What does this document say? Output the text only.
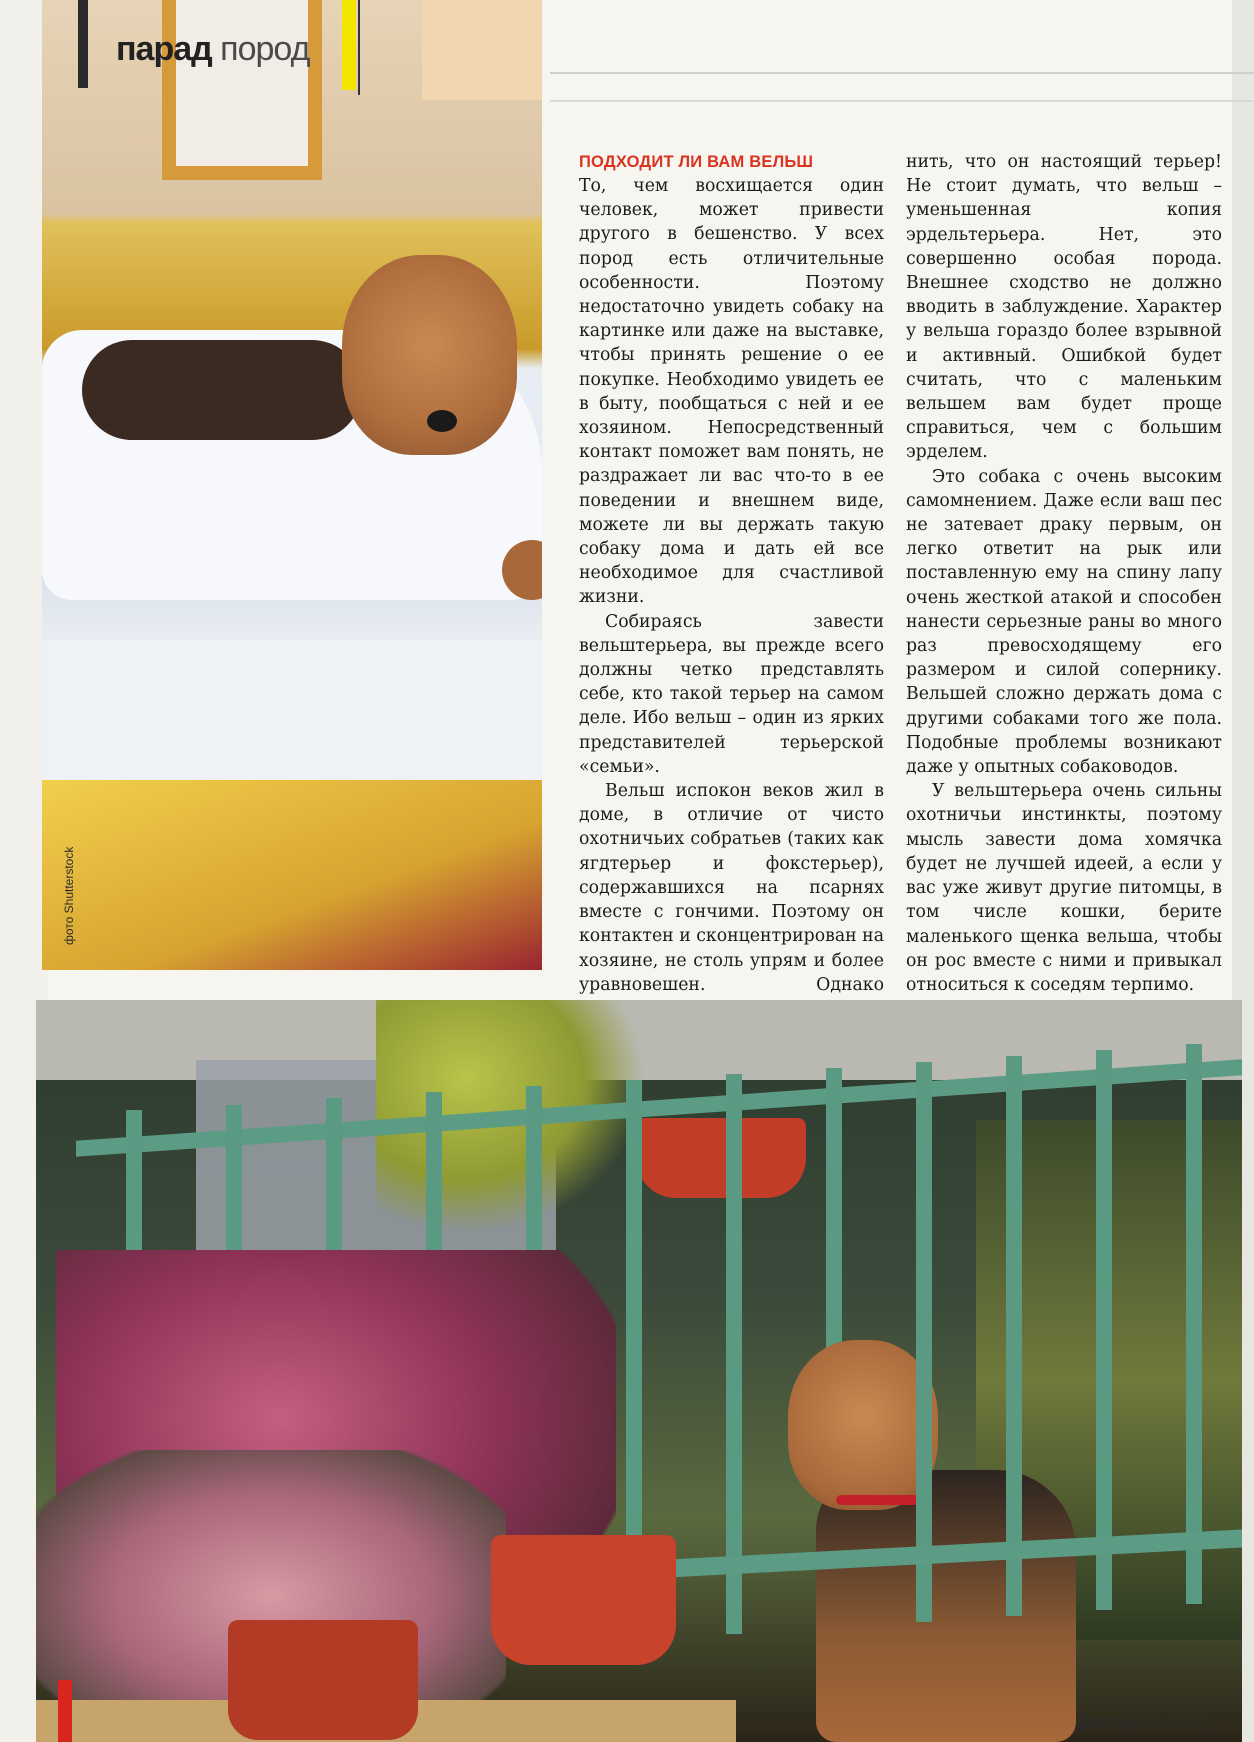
фото Shutterstock
парад пород
ПОДХОДИТ ЛИ ВАМ ВЕЛЬШ

То, чем восхищается один человек, может привести другого в бешенство. У всех пород есть отличительные особенности. Поэтому недостаточно увидеть собаку на картинке или даже на выставке, чтобы принять решение о ее покупке. Необходимо увидеть ее в быту, пообщаться с ней и ее хозяином. Непосредственный контакт поможет вам понять, не раздражает ли вас что-то в ее поведении и внешнем виде, можете ли вы держать такую собаку дома и дать ей все необходимое для счастливой жизни.

Собираясь завести вельштерьера, вы прежде всего должны четко представлять себе, кто такой терьер на самом деле. Ибо вельш – один из ярких представителей терьерской «семьи».

Вельш испокон веков жил в доме, в отличие от чисто охотничьих собратьев (таких как ягдтерьер и фокстерьер), содержавшихся на псарнях вместе с гончими. Поэтому он контактен и сконцентрирован на хозяине, не столь упрям и более уравновешен. Однако

нить, что он настоящий терьер! Не стоит думать, что вельш – уменьшенная копия эрдельтерьера. Нет, это совершенно особая порода. Внешнее сходство не должно вводить в заблуждение. Характер у вельша гораздо более взрывной и активный. Ошибкой будет считать, что с маленьким вельшем вам будет проще справиться, чем с большим эрделем.

Это собака с очень высоким самомнением. Даже если ваш пес не затевает драку первым, он легко ответит на рык или поставленную ему на спину лапу очень жесткой атакой и способен нанести серьезные раны во много раз превосходящему его размером и силой сопернику. Вельшей сложно держать дома с другими собаками того же пола. Подобные проблемы возникают даже у опытных собаководов.

У вельштерьера очень сильны охотничьи инстинкты, поэтому мысль завести дома хомячка будет не лучшей идеей, а если у вас уже живут другие питомцы, в том числе кошки, берите маленького щенка вельша, чтобы он рос вместе с ними и привыкал относиться к соседям терпимо.

ДРУГ [ИЮНЬ 2011]
